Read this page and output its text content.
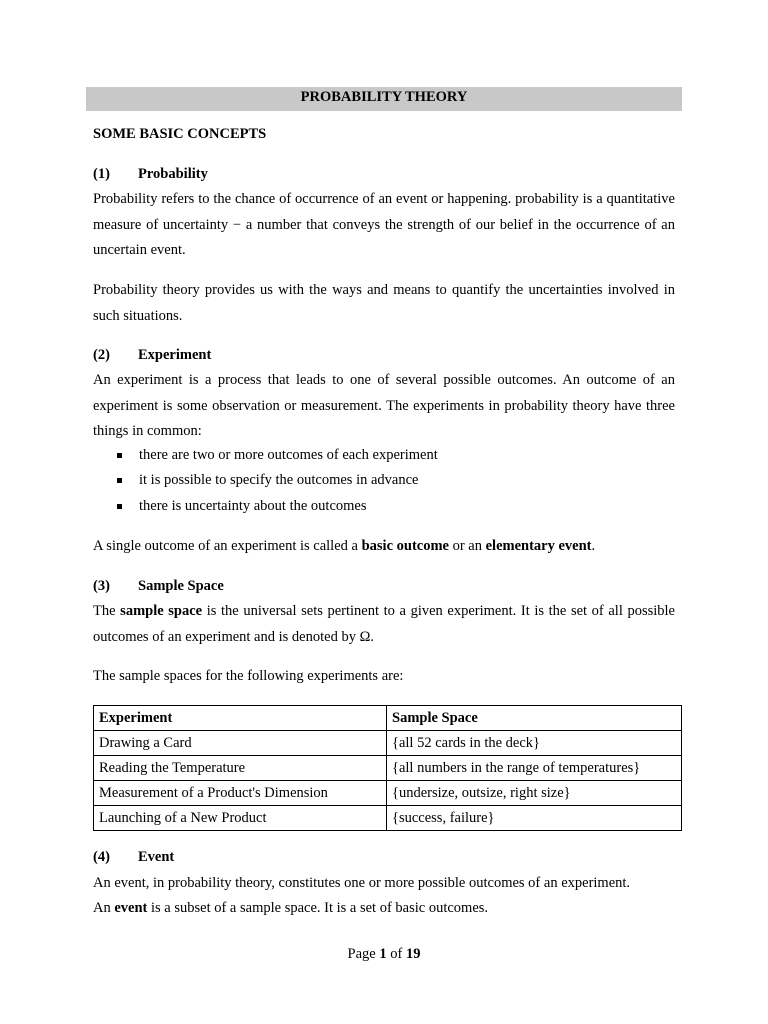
PROBABILITY THEORY
SOME BASIC CONCEPTS
(1) Probability
Probability refers to the chance of occurrence of an event or happening. probability is a quantitative measure of uncertainty − a number that conveys the strength of our belief in the occurrence of an uncertain event.
Probability theory provides us with the ways and means to quantify the uncertainties involved in such situations.
(2) Experiment
An experiment is a process that leads to one of several possible outcomes. An outcome of an experiment is some observation or measurement. The experiments in probability theory have three things in common:
there are two or more outcomes of each experiment
it is possible to specify the outcomes in advance
there is uncertainty about the outcomes
A single outcome of an experiment is called a basic outcome or an elementary event.
(3) Sample Space
The sample space is the universal sets pertinent to a given experiment. It is the set of all possible outcomes of an experiment and is denoted by Ω.
The sample spaces for the following experiments are:
Experiment	Sample Space
Drawing a Card	{all 52 cards in the deck}
Reading the Temperature	{all numbers in the range of temperatures}
Measurement of a Product's Dimension	{undersize, outsize, right size}
Launching of a New Product	{success, failure}
(4) Event
An event, in probability theory, constitutes one or more possible outcomes of an experiment.
An event is a subset of a sample space. It is a set of basic outcomes.
Page 1 of 19
